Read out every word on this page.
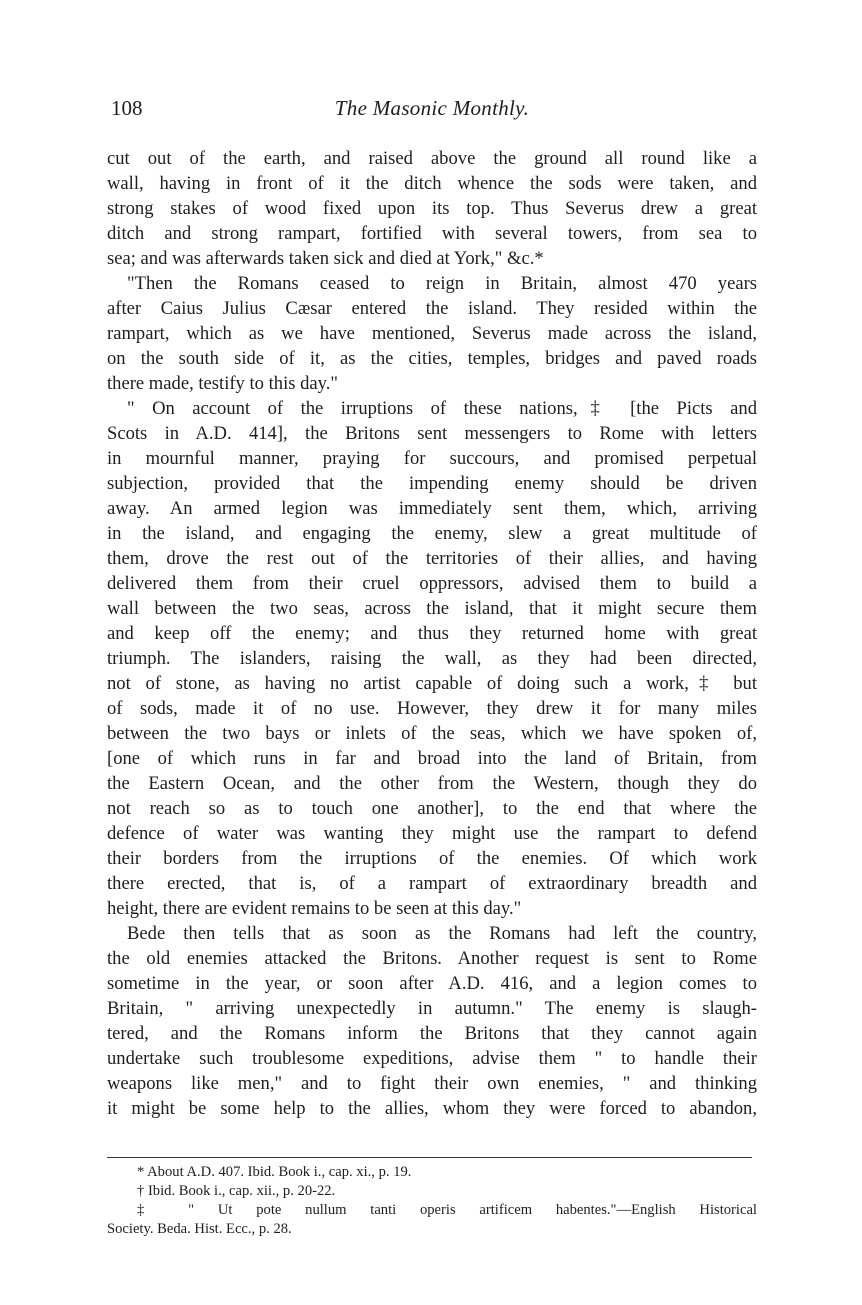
108	The Masonic Monthly.
cut out of the earth, and raised above the ground all round like a
wall, having in front of it the ditch whence the sods were taken, and
strong stakes of wood fixed upon its top. Thus Severus drew a great
ditch and strong rampart, fortified with several towers, from sea to
sea; and was afterwards taken sick and died at York," &c.*
"Then the Romans ceased to reign in Britain, almost 470 years
after Caius Julius Cæsar entered the island. They resided within the
rampart, which as we have mentioned, Severus made across the island,
on the south side of it, as the cities, temples, bridges and paved roads
there made, testify to this day."
" On account of the irruptions of these nations,‡ [the Picts and
Scots in A.D. 414], the Britons sent messengers to Rome with letters
in mournful manner, praying for succours, and promised perpetual
subjection, provided that the impending enemy should be driven
away. An armed legion was immediately sent them, which, arriving
in the island, and engaging the enemy, slew a great multitude of
them, drove the rest out of the territories of their allies, and having
delivered them from their cruel oppressors, advised them to build a
wall between the two seas, across the island, that it might secure them
and keep off the enemy; and thus they returned home with great
triumph. The islanders, raising the wall, as they had been directed,
not of stone, as having no artist capable of doing such a work,‡ but
of sods, made it of no use. However, they drew it for many miles
between the two bays or inlets of the seas, which we have spoken of,
[one of which runs in far and broad into the land of Britain, from
the Eastern Ocean, and the other from the Western, though they do
not reach so as to touch one another], to the end that where the
defence of water was wanting they might use the rampart to defend
their borders from the irruptions of the enemies. Of which work
there erected, that is, of a rampart of extraordinary breadth and
height, there are evident remains to be seen at this day."
Bede then tells that as soon as the Romans had left the country,
the old enemies attacked the Britons. Another request is sent to Rome
sometime in the year, or soon after A.D. 416, and a legion comes to
Britain, " arriving unexpectedly in autumn." The enemy is slaugh-
tered, and the Romans inform the Britons that they cannot again
undertake such troublesome expeditions, advise them " to handle their
weapons like men," and to fight their own enemies, " and thinking
it might be some help to the allies, whom they were forced to abandon,
* About A.D. 407. Ibid. Book i., cap. xi., p. 19.
† Ibid. Book i., cap. xii., p. 20-22.
‡ " Ut pote nullum tanti operis artificem habentes."—English Historical
Society. Beda. Hist. Ecc., p. 28.
